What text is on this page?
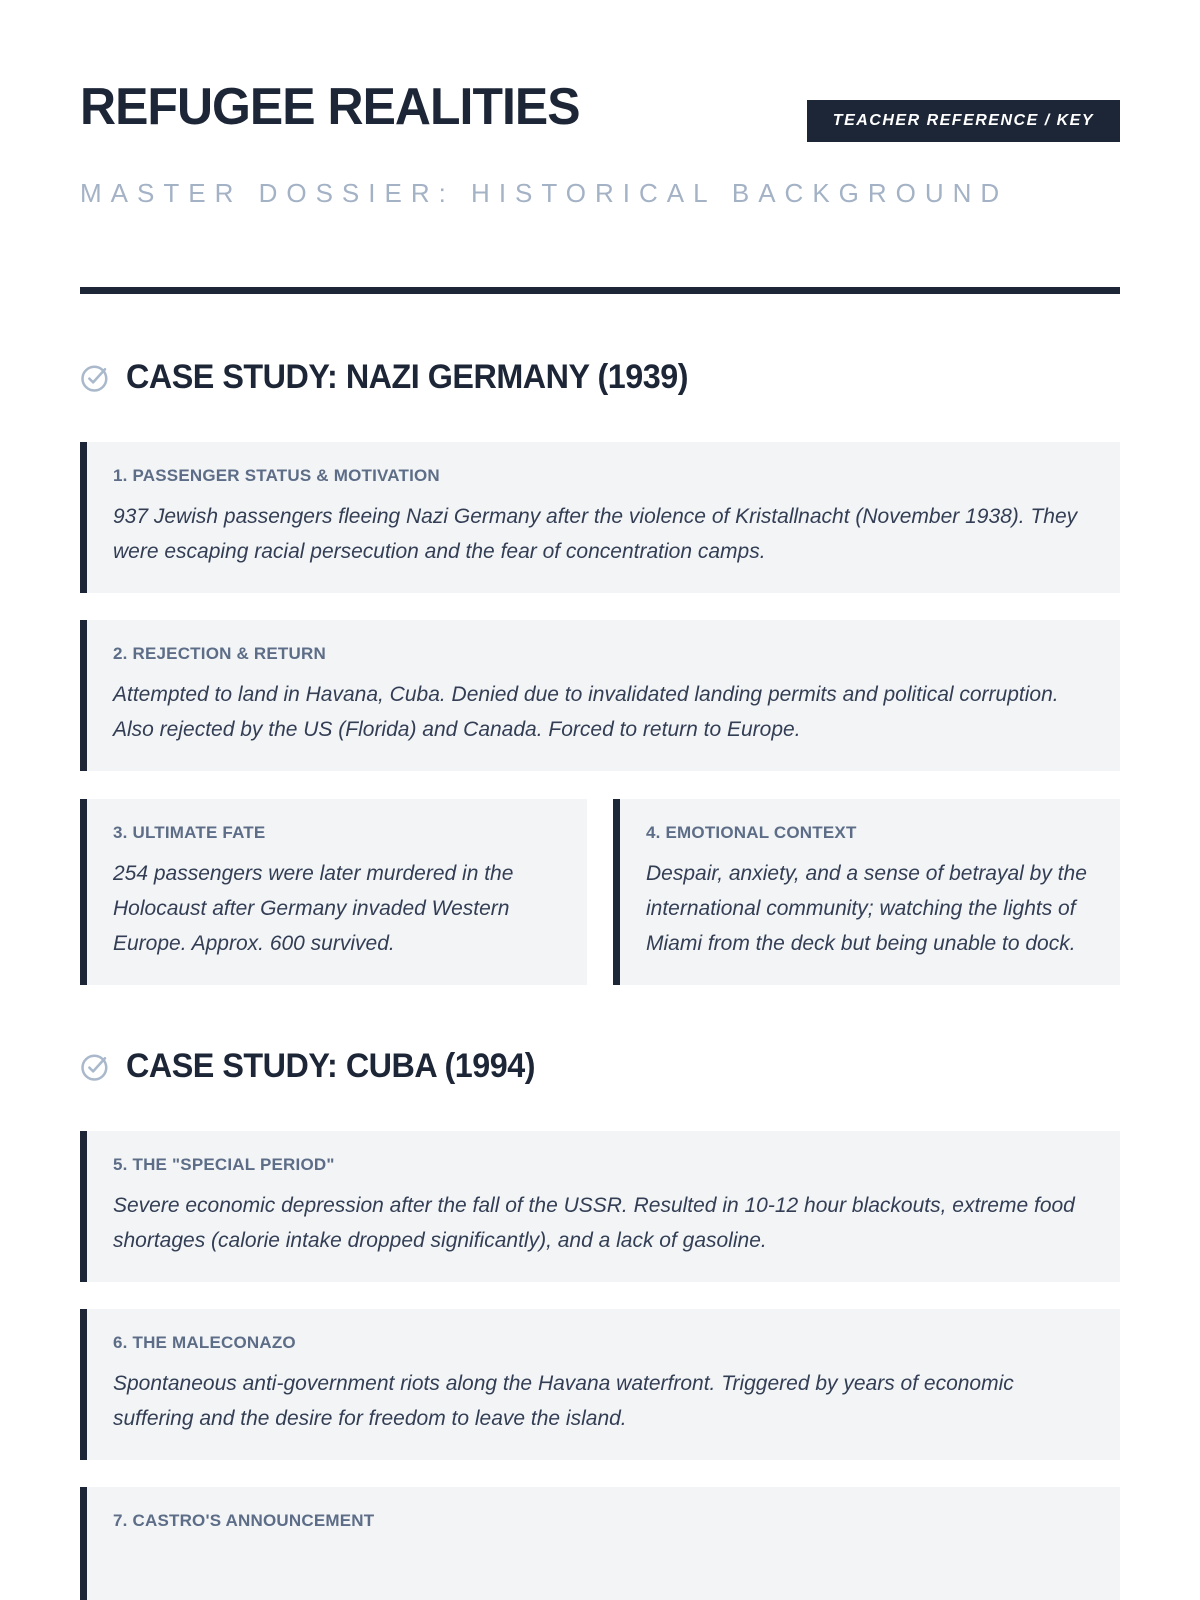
REFUGEE REALITIES	TEACHER REFERENCE / KEY
MASTER DOSSIER: HISTORICAL BACKGROUND
CASE STUDY: NAZI GERMANY (1939)
1. PASSENGER STATUS & MOTIVATION
937 Jewish passengers fleeing Nazi Germany after the violence of Kristallnacht (November 1938). They were escaping racial persecution and the fear of concentration camps.
2. REJECTION & RETURN
Attempted to land in Havana, Cuba. Denied due to invalidated landing permits and political corruption. Also rejected by the US (Florida) and Canada. Forced to return to Europe.
3. ULTIMATE FATE
254 passengers were later murdered in the Holocaust after Germany invaded Western Europe. Approx. 600 survived.
4. EMOTIONAL CONTEXT
Despair, anxiety, and a sense of betrayal by the international community; watching the lights of Miami from the deck but being unable to dock.
CASE STUDY: CUBA (1994)
5. THE "SPECIAL PERIOD"
Severe economic depression after the fall of the USSR. Resulted in 10-12 hour blackouts, extreme food shortages (calorie intake dropped significantly), and a lack of gasoline.
6. THE MALECONAZO
Spontaneous anti-government riots along the Havana waterfront. Triggered by years of economic suffering and the desire for freedom to leave the island.
7. CASTRO'S ANNOUNCEMENT
